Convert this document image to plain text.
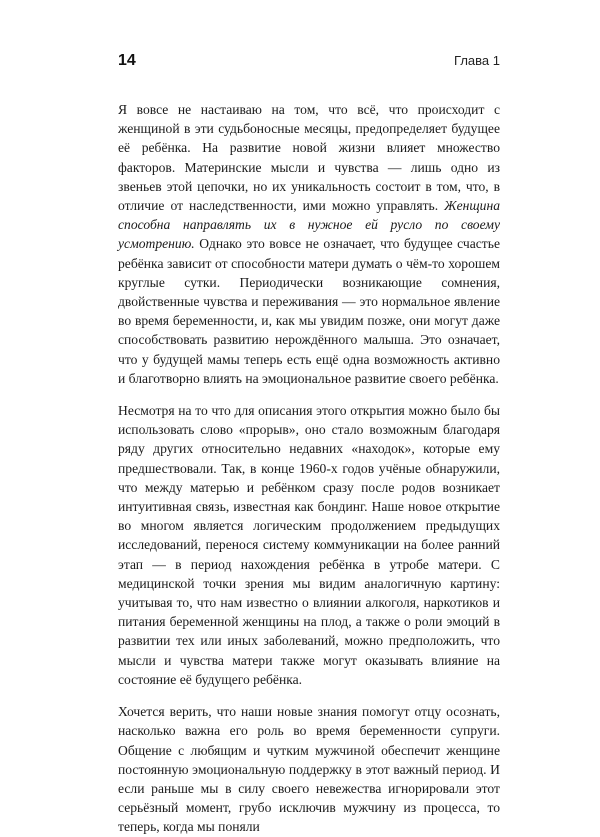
14	Глава 1

Я вовсе не настаиваю на том, что всё, что происходит с женщиной в эти судьбоносные месяцы, предопределяет будущее её ребёнка. На развитие новой жизни влияет множество факторов. Материнские мысли и чувства — лишь одно из звеньев этой цепочки, но их уникальность состоит в том, что, в отличие от наследственности, ими можно управлять. Женщина способна направлять их в нужное ей русло по своему усмотрению. Однако это вовсе не означает, что будущее счастье ребёнка зависит от способности матери думать о чём-то хорошем круглые сутки. Периодически возникающие сомнения, двойственные чувства и переживания — это нормальное явление во время беременности, и, как мы увидим позже, они могут даже способствовать развитию нерождённого малыша. Это означает, что у будущей мамы теперь есть ещё одна возможность активно и благотворно влиять на эмоциональное развитие своего ребёнка.

Несмотря на то что для описания этого открытия можно было бы использовать слово «прорыв», оно стало возможным благодаря ряду других относительно недавних «находок», которые ему предшествовали. Так, в конце 1960-х годов учёные обнаружили, что между матерью и ребёнком сразу после родов возникает интуитивная связь, известная как бондинг. Наше новое открытие во многом является логическим продолжением предыдущих исследований, перенося систему коммуникации на более ранний этап — в период нахождения ребёнка в утробе матери. С медицинской точки зрения мы видим аналогичную картину: учитывая то, что нам известно о влиянии алкоголя, наркотиков и питания беременной женщины на плод, а также о роли эмоций в развитии тех или иных заболеваний, можно предположить, что мысли и чувства матери также могут оказывать влияние на состояние её будущего ребёнка.

Хочется верить, что наши новые знания помогут отцу осознать, насколько важна его роль во время беременности супруги. Общение с любящим и чутким мужчиной обеспечит женщине постоянную эмоциональную поддержку в этот важный период. И если раньше мы в силу своего невежества игнорировали этот серьёзный момент, грубо исключив мужчину из процесса, то теперь, когда мы поняли
